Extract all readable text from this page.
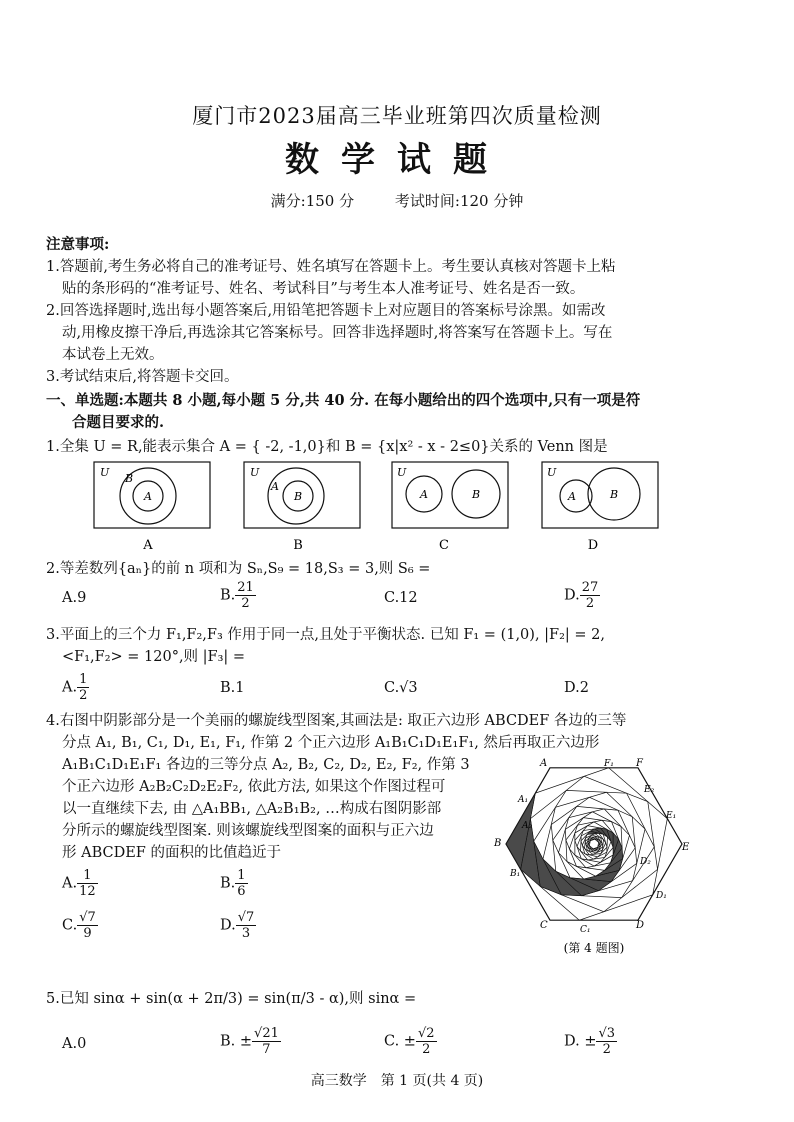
厦门市2023届高三毕业班第四次质量检测
数学试题
满分:150 分	考试时间:120 分钟
注意事项:
1.答题前,考生务必将自己的准考证号、姓名填写在答题卡上。考生要认真核对答题卡上粘
贴的条形码的“准考证号、姓名、考试科目”与考生本人准考证号、姓名是否一致。
2.回答选择题时,选出每小题答案后,用铅笔把答题卡上对应题目的答案标号涂黑。如需改
动,用橡皮擦干净后,再选涂其它答案标号。回答非选择题时,将答案写在答题卡上。写在
本试卷上无效。
3.考试结束后,将答题卡交回。
一、单选题:本题共 8 小题,每小题 5 分,共 40 分. 在每小题给出的四个选项中,只有一项是符
合题目要求的.
1.全集 U = R,能表示集合 A = { -2, -1,0}和 B = {x|x² - x - 2≤0}关系的 Venn 图是
U B
A
U
A
B
U
A	B
U
A	B
A	B	C	D
2.等差数列{aₙ}的前 n 项和为 Sₙ,S₉ = 18,S₃ = 3,则 S₆ =
A.9	B. $\frac{21}{2}$	C.12	D. $\frac{27}{2}$
3.平面上的三个力 F₁,F₂,F₃ 作用于同一点,且处于平衡状态. 已知 F₁ = (1,0), |F₂| = 2,
<F₁,F₂> = 120°,则 |F₃| =
A. $\frac{1}{2}$	B.1	C.√3	D.2
4.右图中阴影部分是一个美丽的螺旋线型图案,其画法是: 取正六边形 ABCDEF 各边的三等
分点 A₁, B₁, C₁, D₁, E₁, F₁, 作第 2 个正六边形 A₁B₁C₁D₁E₁F₁, 然后再取正六边形
A₁B₁C₁D₁E₁F₁ 各边的三等分点 A₂, B₂, C₂, D₂, E₂, F₂, 作第 3
个正六边形 A₂B₂C₂D₂E₂F₂, 依此方法, 如果这个作图过程可
以一直继续下去, 由 △A₁BB₁, △A₂B₁B₂, …构成右图阴影部
分所示的螺旋线型图案. 则该螺旋线型图案的面积与正六边
形 ABCDEF 的面积的比值趋近于
A. $\frac{1}{12}$	B. $\frac{1}{6}$
C. $\frac{√7}{9}$	D. $\frac{√7}{3}$
A	F
B	E
C	D
F₁
A₁
B₁
C₁
D₁
E₁
A₂
D₂
E₂
(第 4 题图)
5.已知 sinα + sin(α + 2π/3) = sin(π/3 - α),则 sinα =
A.0	B. ± $\frac{√21}{7}$	C. ± $\frac{√2}{2}$	D. ± $\frac{√3}{2}$
高三数学　第 1 页(共 4 页)
